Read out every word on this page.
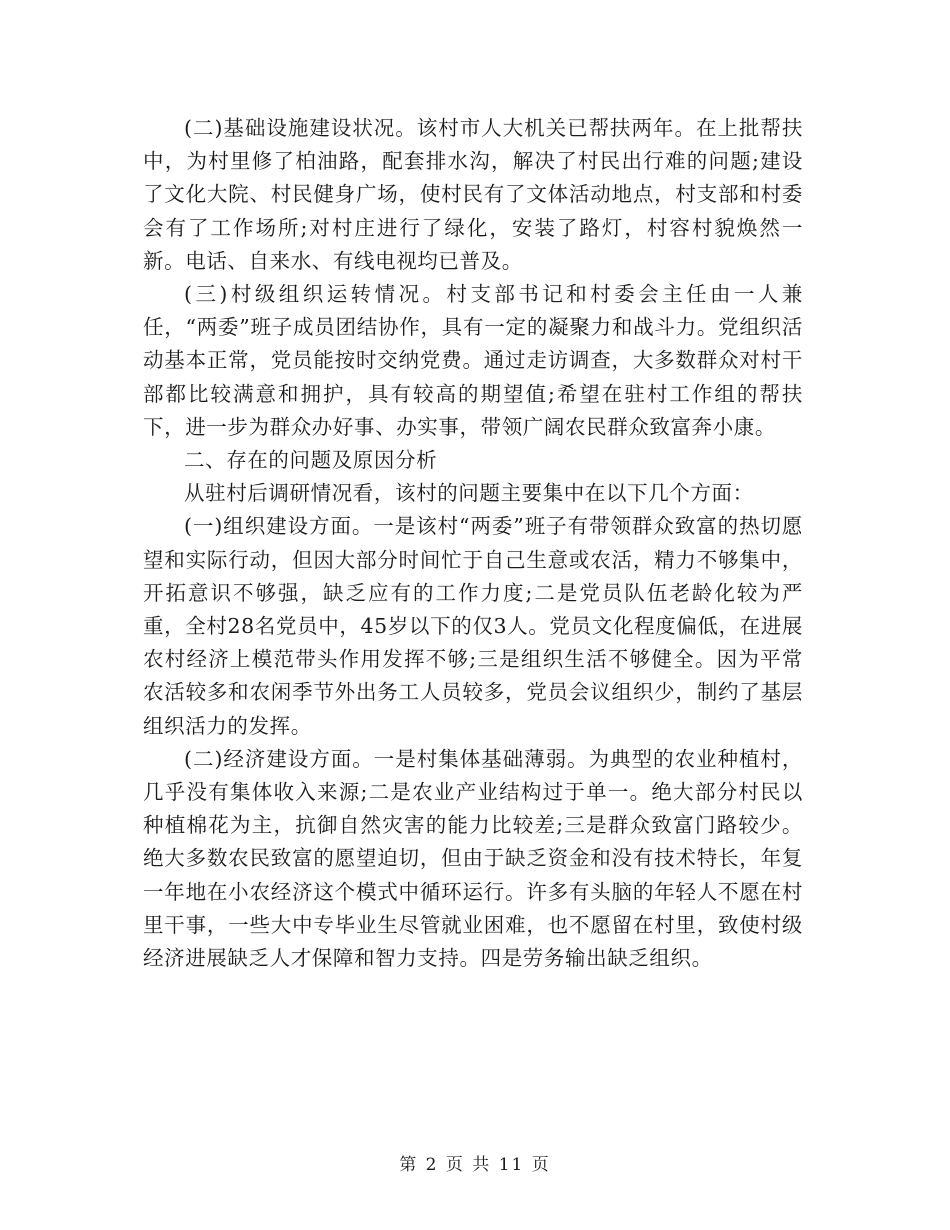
(二)基础设施建设状况。该村市人大机关已帮扶两年。在上批帮扶中，为村里修了柏油路，配套排水沟，解决了村民出行难的问题;建设了文化大院、村民健身广场，使村民有了文体活动地点，村支部和村委会有了工作场所;对村庄进行了绿化，安装了路灯，村容村貌焕然一新。电话、自来水、有线电视均已普及。

(三)村级组织运转情况。村支部书记和村委会主任由一人兼任，“两委”班子成员团结协作，具有一定的凝聚力和战斗力。党组织活动基本正常，党员能按时交纳党费。通过走访调查，大多数群众对村干部都比较满意和拥护，具有较高的期望值;希望在驻村工作组的帮扶下，进一步为群众办好事、办实事，带领广阔农民群众致富奔小康。

二、存在的问题及原因分析

从驻村后调研情况看，该村的问题主要集中在以下几个方面：

(一)组织建设方面。一是该村“两委”班子有带领群众致富的热切愿望和实际行动，但因大部分时间忙于自己生意或农活，精力不够集中，开拓意识不够强，缺乏应有的工作力度;二是党员队伍老龄化较为严重，全村28名党员中，45岁以下的仅3人。党员文化程度偏低，在进展农村经济上模范带头作用发挥不够;三是组织生活不够健全。因为平常农活较多和农闲季节外出务工人员较多，党员会议组织少，制约了基层组织活力的发挥。

(二)经济建设方面。一是村集体基础薄弱。为典型的农业种植村，几乎没有集体收入来源;二是农业产业结构过于单一。绝大部分村民以种植棉花为主，抗御自然灾害的能力比较差;三是群众致富门路较少。绝大多数农民致富的愿望迫切，但由于缺乏资金和没有技术特长，年复一年地在小农经济这个模式中循环运行。许多有头脑的年轻人不愿在村里干事，一些大中专毕业生尽管就业困难，也不愿留在村里，致使村级经济进展缺乏人才保障和智力支持。四是劳务输出缺乏组织。

第 2 页 共 11 页
